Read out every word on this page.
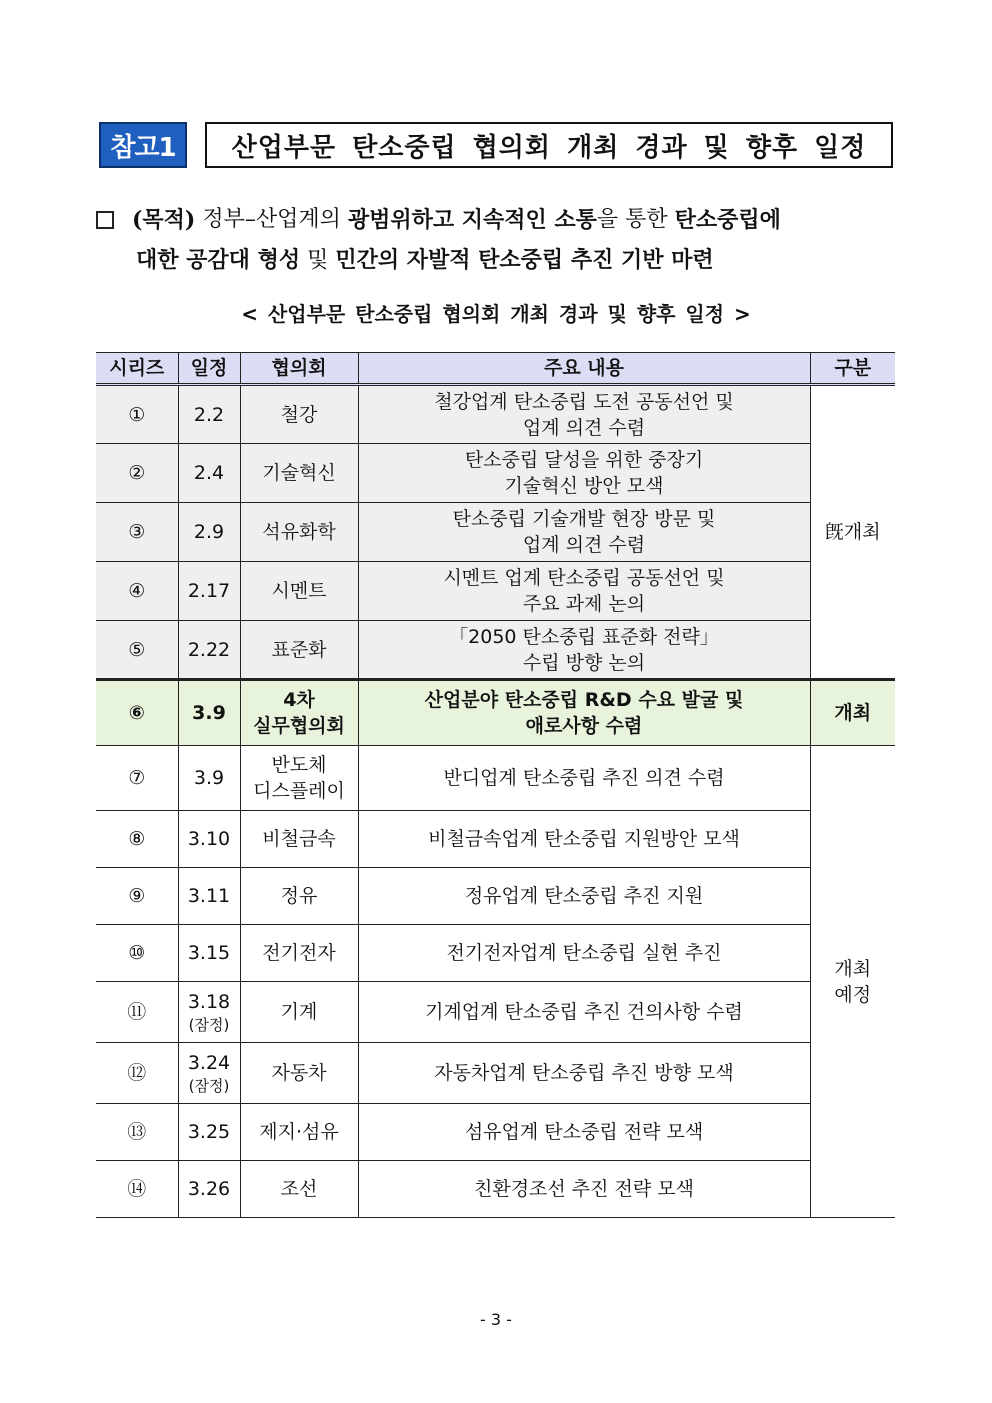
참고1	산업부문 탄소중립 협의회 개최 경과 및 향후 일정
(목적) 정부–산업계의 광범위하고 지속적인 소통 을 통한 탄소중립에
대한 공감대 형성 및 민간의 자발적 탄소중립 추진 기반 마련
< 산업부문 탄소중립 협의회 개최 경과 및 향후 일정 >
시리즈	일정	협의회	주요 내용	구분
①	2.2	철강	철강업계 탄소중립 도전 공동선언 및
업계 의견 수렴	旣개최
②	2.4	기술혁신	탄소중립 달성을 위한 중장기
기술혁신 방안 모색	
③	2.9	석유화학	탄소중립 기술개발 현장 방문 및
업계 의견 수렴	
④	2.17	시멘트	시멘트 업계 탄소중립 공동선언 및
주요 과제 논의	
⑤	2.22	표준화	「2050 탄소중립 표준화 전략」
수립 방향 논의	
⑥	3.9	4차
실무협의회	산업분야 탄소중립 R&D 수요 발굴 및
애로사항 수렴	개최
⑦	3.9	반도체
디스플레이	반디업계 탄소중립 추진 의견 수렴	개최
예정
⑧	3.10	비철금속	비철금속업계 탄소중립 지원방안 모색	
⑨	3.11	정유	정유업계 탄소중립 추진 지원	
⑩	3.15	전기전자	전기전자업계 탄소중립 실현 추진	
⑪	3.18
(잠정)	기계	기계업계 탄소중립 추진 건의사항 수렴	
⑫	3.24
(잠정)	자동차	자동차업계 탄소중립 추진 방향 모색	
⑬	3.25	제지·섬유	섬유업계 탄소중립 전략 모색	
⑭	3.26	조선	친환경조선 추진 전략 모색	
- 3 -
